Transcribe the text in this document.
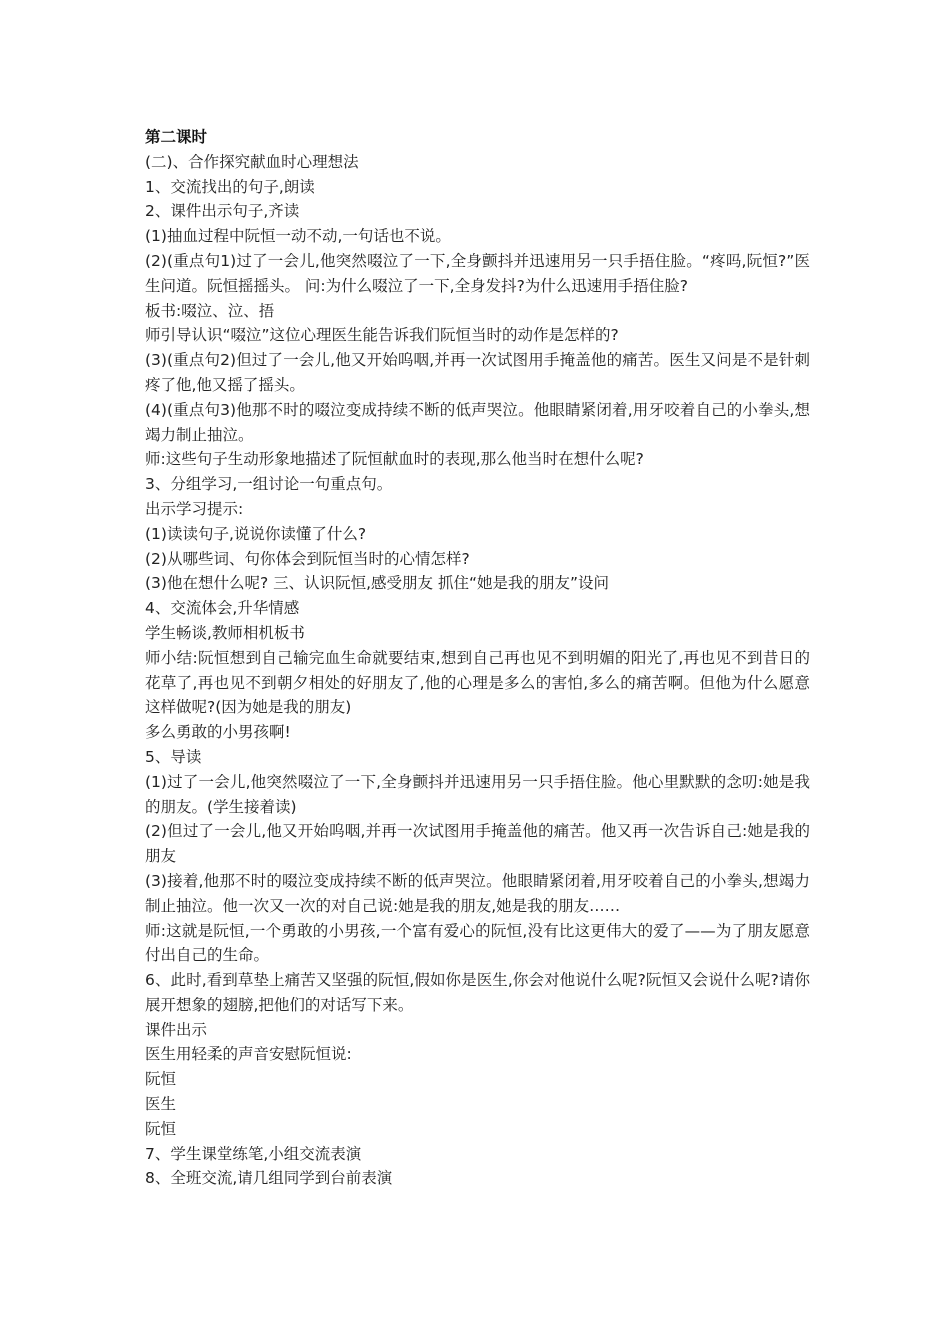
第二课时

(二)、合作探究献血时心理想法

1、交流找出的句子,朗读

2、课件出示句子,齐读

(1)抽血过程中阮恒一动不动,一句话也不说。

(2)(重点句1)过了一会儿,他突然啜泣了一下,全身颤抖并迅速用另一只手捂住脸。“疼吗,阮恒?”医生问道。阮恒摇摇头。 问:为什么啜泣了一下,全身发抖?为什么迅速用手捂住脸?

板书:啜泣、泣、捂

师引导认识“啜泣”这位心理医生能告诉我们阮恒当时的动作是怎样的?

(3)(重点句2)但过了一会儿,他又开始呜咽,并再一次试图用手掩盖他的痛苦。医生又问是不是针刺疼了他,他又摇了摇头。

(4)(重点句3)他那不时的啜泣变成持续不断的低声哭泣。他眼睛紧闭着,用牙咬着自己的小拳头,想竭力制止抽泣。

师:这些句子生动形象地描述了阮恒献血时的表现,那么他当时在想什么呢?

3、分组学习,一组讨论一句重点句。

出示学习提示:

(1)读读句子,说说你读懂了什么?

(2)从哪些词、句你体会到阮恒当时的心情怎样?

(3)他在想什么呢? 三、认识阮恒,感受朋友 抓住“她是我的朋友”设问

4、交流体会,升华情感

学生畅谈,教师相机板书

师小结:阮恒想到自己输完血生命就要结束,想到自己再也见不到明媚的阳光了,再也见不到昔日的花草了,再也见不到朝夕相处的好朋友了,他的心理是多么的害怕,多么的痛苦啊。但他为什么愿意这样做呢?(因为她是我的朋友)

多么勇敢的小男孩啊!

5、导读

(1)过了一会儿,他突然啜泣了一下,全身颤抖并迅速用另一只手捂住脸。他心里默默的念叨:她是我的朋友。(学生接着读)

(2)但过了一会儿,他又开始呜咽,并再一次试图用手掩盖他的痛苦。他又再一次告诉自己:她是我的朋友

(3)接着,他那不时的啜泣变成持续不断的低声哭泣。他眼睛紧闭着,用牙咬着自己的小拳头,想竭力制止抽泣。他一次又一次的对自己说:她是我的朋友,她是我的朋友……

师:这就是阮恒,一个勇敢的小男孩,一个富有爱心的阮恒,没有比这更伟大的爱了——为了朋友愿意付出自己的生命。

6、此时,看到草垫上痛苦又坚强的阮恒,假如你是医生,你会对他说什么呢?阮恒又会说什么呢?请你展开想象的翅膀,把他们的对话写下来。

课件出示

医生用轻柔的声音安慰阮恒说:

阮恒

医生

阮恒

7、学生课堂练笔,小组交流表演

8、全班交流,请几组同学到台前表演
